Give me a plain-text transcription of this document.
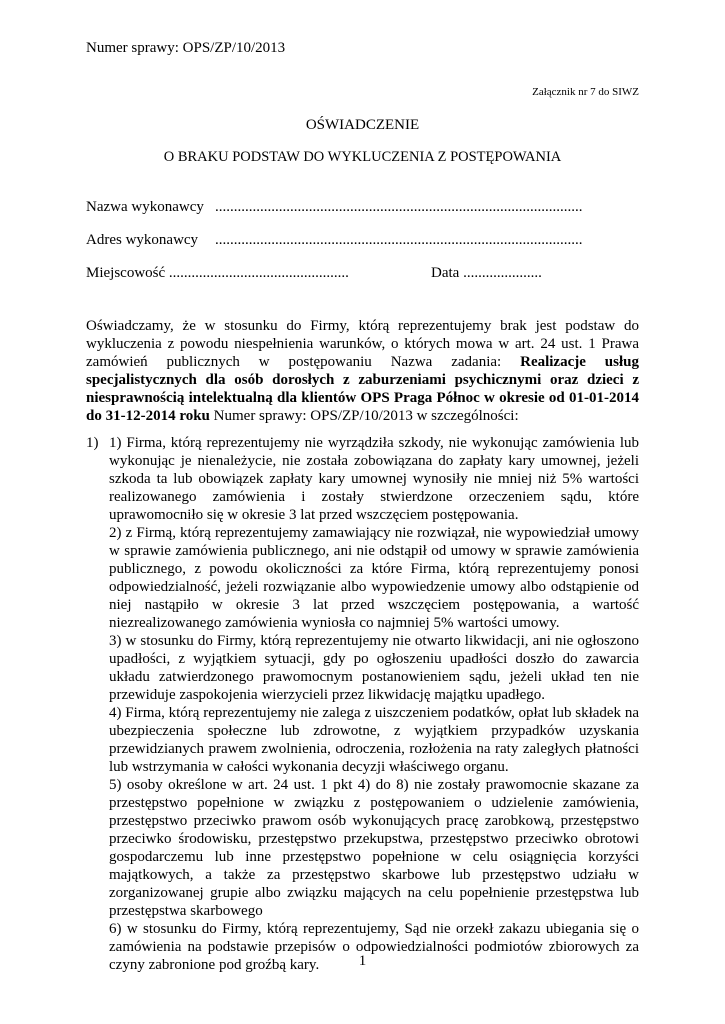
Numer sprawy: OPS/ZP/10/2013
Załącznik nr 7 do SIWZ
OŚWIADCZENIE
O BRAKU PODSTAW DO WYKLUCZENIA Z POSTĘPOWANIA
Nazwa wykonawcy ..................................................................................................
Adres wykonawcy ..................................................................................................
Miejscowość ................................................	Data .....................
Oświadczamy, że w stosunku do Firmy, którą reprezentujemy brak jest podstaw do wykluczenia z powodu niespełnienia warunków, o których mowa w art. 24 ust. 1 Prawa zamówień publicznych w postępowaniu Nazwa zadania: Realizacje usług specjalistycznych dla osób dorosłych z zaburzeniami psychicznymi oraz dzieci z niesprawnością intelektualną dla klientów OPS Praga Północ w okresie od 01-01-2014 do 31-12-2014 roku Numer sprawy: OPS/ZP/10/2013 w szczególności:
1) 1) Firma, którą reprezentujemy nie wyrządziła szkody, nie wykonując zamówienia lub wykonując je nienależycie, nie została zobowiązana do zapłaty kary umownej, jeżeli szkoda ta lub obowiązek zapłaty kary umownej wynosiły nie mniej niż 5% wartości realizowanego zamówienia i zostały stwierdzone orzeczeniem sądu, które uprawomocniło się w okresie 3 lat przed wszczęciem postępowania.

2) z Firmą, którą reprezentujemy zamawiający nie rozwiązał, nie wypowiedział umowy w sprawie zamówienia publicznego, ani nie odstąpił od umowy w sprawie zamówienia publicznego, z powodu okoliczności za które Firma, którą reprezentujemy ponosi odpowiedzialność, jeżeli rozwiązanie albo wypowiedzenie umowy albo odstąpienie od niej nastąpiło w okresie 3 lat przed wszczęciem postępowania, a wartość niezrealizowanego zamówienia wyniosła co najmniej 5% wartości umowy.

3) w stosunku do Firmy, którą reprezentujemy nie otwarto likwidacji, ani nie ogłoszono upadłości, z wyjątkiem sytuacji, gdy po ogłoszeniu upadłości doszło do zawarcia układu zatwierdzonego prawomocnym postanowieniem sądu, jeżeli układ ten nie przewiduje zaspokojenia wierzycieli przez likwidację majątku upadłego.

4) Firma, którą reprezentujemy nie zalega z uiszczeniem podatków, opłat lub składek na ubezpieczenia społeczne lub zdrowotne, z wyjątkiem przypadków uzyskania przewidzianych prawem zwolnienia, odroczenia, rozłożenia na raty zaległych płatności lub wstrzymania w całości wykonania decyzji właściwego organu.

5) osoby określone w art. 24 ust. 1 pkt 4) do 8) nie zostały prawomocnie skazane za przestępstwo popełnione w związku z postępowaniem o udzielenie zamówienia, przestępstwo przeciwko prawom osób wykonujących pracę zarobkową, przestępstwo przeciwko środowisku, przestępstwo przekupstwa, przestępstwo przeciwko obrotowi gospodarczemu lub inne przestępstwo popełnione w celu osiągnięcia korzyści majątkowych, a także za przestępstwo skarbowe lub przestępstwo udziału w zorganizowanej grupie albo związku mających na celu popełnienie przestępstwa lub przestępstwa skarbowego

6) w stosunku do Firmy, którą reprezentujemy, Sąd nie orzekł zakazu ubiegania się o zamówienia na podstawie przepisów o odpowiedzialności podmiotów zbiorowych za czyny zabronione pod groźbą kary.	1
